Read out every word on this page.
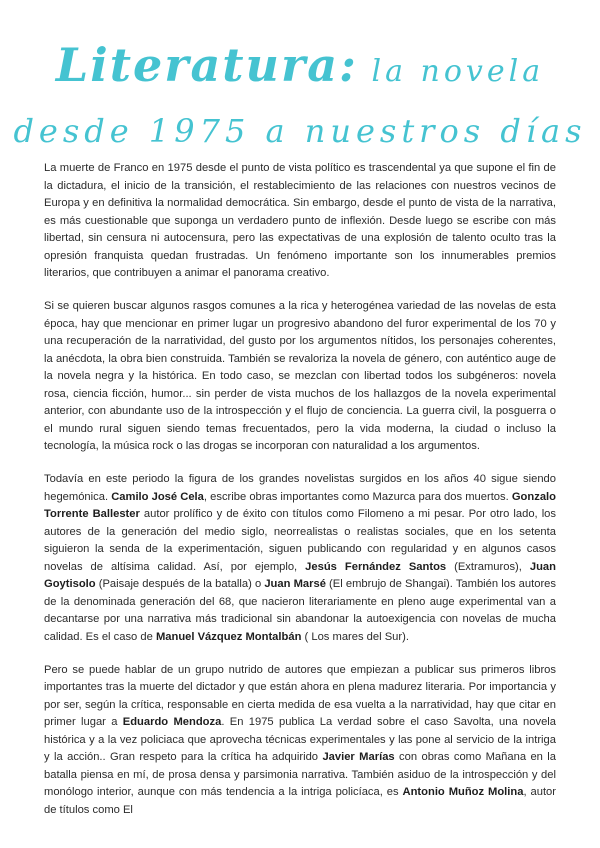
Literatura: la novela
desde 1975 a nuestros días

La muerte de Franco en 1975 desde el punto de vista político es trascendental ya que supone el fin de la dictadura, el inicio de la transición, el restablecimiento de las relaciones con nuestros vecinos de Europa y en definitiva la normalidad democrática. Sin embargo, desde el punto de vista de la narrativa, es más cuestionable que suponga un verdadero punto de inflexión. Desde luego se escribe con más libertad, sin censura ni autocensura, pero las expectativas de una explosión de talento oculto tras la opresión franquista quedan frustradas. Un fenómeno importante son los innumerables premios literarios, que contribuyen a animar el panorama creativo.

Si se quieren buscar algunos rasgos comunes a la rica y heterogénea variedad de las novelas de esta época, hay que mencionar en primer lugar un progresivo abandono del furor experimental de los 70 y una recuperación de la narratividad, del gusto por los argumentos nítidos, los personajes coherentes, la anécdota, la obra bien construida. También se revaloriza la novela de género, con auténtico auge de la novela negra y la histórica. En todo caso, se mezclan con libertad todos los subgéneros: novela rosa, ciencia ficción, humor... sin perder de vista muchos de los hallazgos de la novela experimental anterior, con abundante uso de la introspección y el flujo de conciencia. La guerra civil, la posguerra o el mundo rural siguen siendo temas frecuentados, pero la vida moderna, la ciudad o incluso la tecnología, la música rock o las drogas se incorporan con naturalidad a los argumentos.

Todavía en este periodo la figura de los grandes novelistas surgidos en los años 40 sigue siendo hegemónica. Camilo José Cela, escribe obras importantes como Mazurca para dos muertos. Gonzalo Torrente Ballester autor prolífico y de éxito con títulos como Filomeno a mi pesar. Por otro lado, los autores de la generación del medio siglo, neorrealistas o realistas sociales, que en los setenta siguieron la senda de la experimentación, siguen publicando con regularidad y en algunos casos novelas de altísima calidad. Así, por ejemplo, Jesús Fernández Santos (Extramuros), Juan Goytisolo (Paisaje después de la batalla) o Juan Marsé (El embrujo de Shangai). También los autores de la denominada generación del 68, que nacieron literariamente en pleno auge experimental van a decantarse por una narrativa más tradicional sin abandonar la autoexigencia con novelas de mucha calidad. Es el caso de Manuel Vázquez Montalbán ( Los mares del Sur).

Pero se puede hablar de un grupo nutrido de autores que empiezan a publicar sus primeros libros importantes tras la muerte del dictador y que están ahora en plena madurez literaria. Por importancia y por ser, según la crítica, responsable en cierta medida de esa vuelta a la narratividad, hay que citar en primer lugar a Eduardo Mendoza. En 1975 publica La verdad sobre el caso Savolta, una novela histórica y a la vez policiaca que aprovecha técnicas experimentales y las pone al servicio de la intriga y la acción.. Gran respeto para la crítica ha adquirido Javier Marías con obras como Mañana en la batalla piensa en mí, de prosa densa y parsimonia narrativa. También asiduo de la introspección y del monólogo interior, aunque con más tendencia a la intriga policíaca, es Antonio Muñoz Molina, autor de títulos como El
